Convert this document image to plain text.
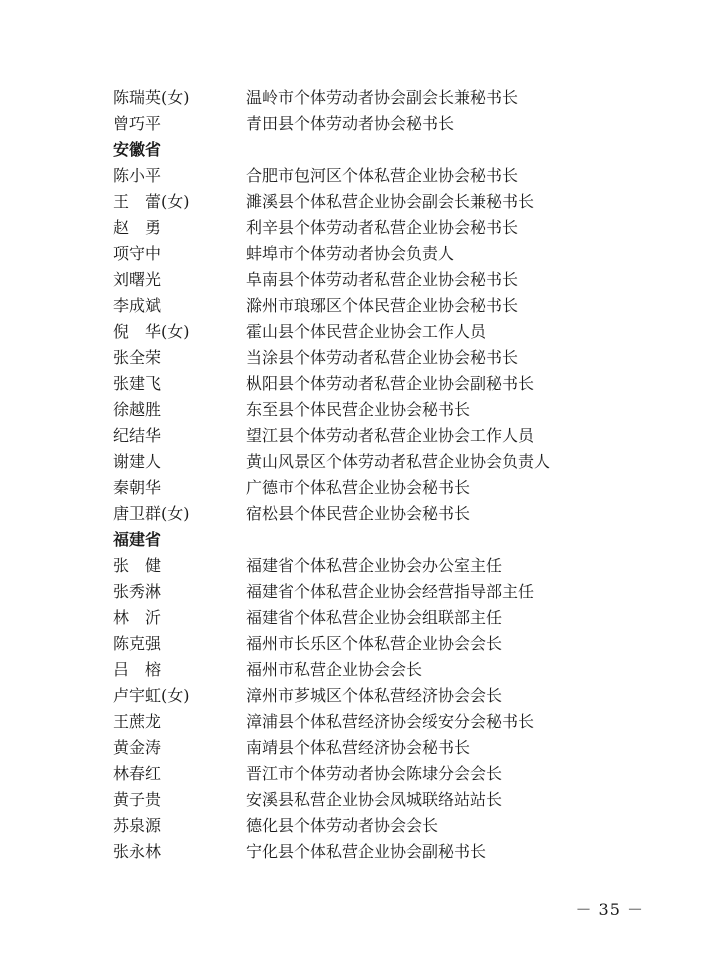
陈瑞英(女)	温岭市个体劳动者协会副会长兼秘书长
曾巧平	青田县个体劳动者协会秘书长
安徽省
陈小平	合肥市包河区个体私营企业协会秘书长
王　蕾(女)	濉溪县个体私营企业协会副会长兼秘书长
赵　勇	利辛县个体劳动者私营企业协会秘书长
项守中	蚌埠市个体劳动者协会负责人
刘曙光	阜南县个体劳动者私营企业协会秘书长
李成斌	滁州市琅琊区个体民营企业协会秘书长
倪　华(女)	霍山县个体民营企业协会工作人员
张全荣	当涂县个体劳动者私营企业协会秘书长
张建飞	枞阳县个体劳动者私营企业协会副秘书长
徐越胜	东至县个体民营企业协会秘书长
纪结华	望江县个体劳动者私营企业协会工作人员
谢建人	黄山风景区个体劳动者私营企业协会负责人
秦朝华	广德市个体私营企业协会秘书长
唐卫群(女)	宿松县个体民营企业协会秘书长
福建省
张　健	福建省个体私营企业协会办公室主任
张秀淋	福建省个体私营企业协会经营指导部主任
林　沂	福建省个体私营企业协会组联部主任
陈克强	福州市长乐区个体私营企业协会会长
吕　榕	福州市私营企业协会会长
卢宇虹(女)	漳州市芗城区个体私营经济协会会长
王蔗龙	漳浦县个体私营经济协会绥安分会秘书长
黄金涛	南靖县个体私营经济协会秘书长
林春红	晋江市个体劳动者协会陈埭分会会长
黄子贵	安溪县私营企业协会凤城联络站站长
苏泉源	德化县个体劳动者协会会长
张永林	宁化县个体私营企业协会副秘书长
－ 35 －
